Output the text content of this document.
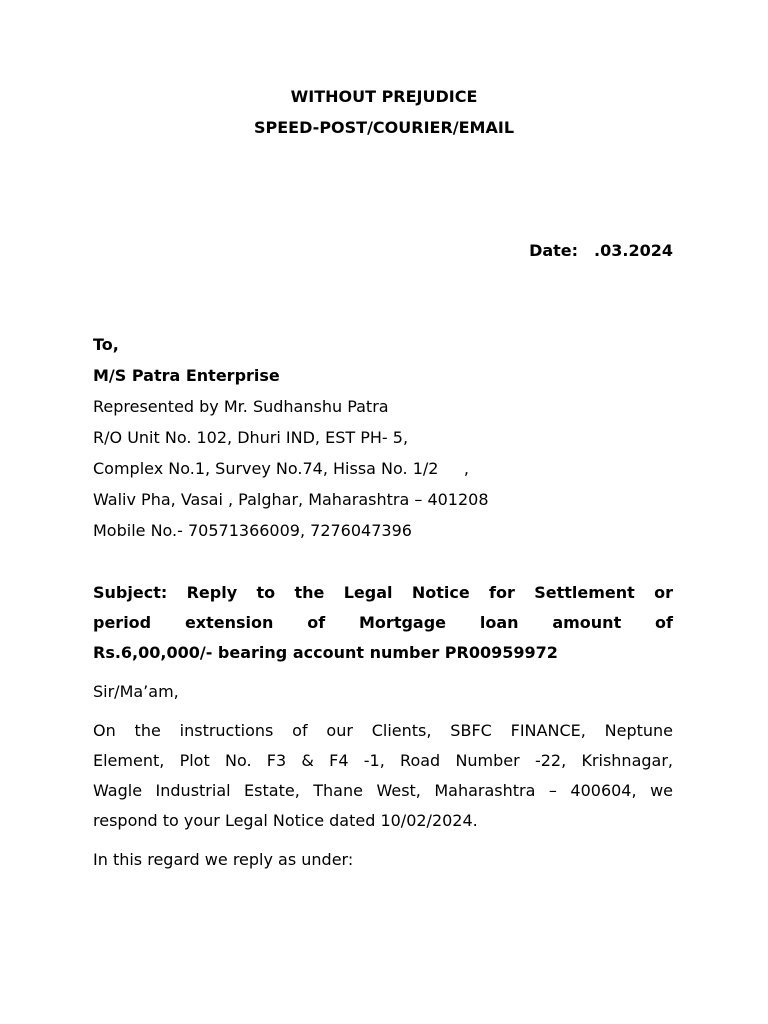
WITHOUT PREJUDICE
SPEED-POST/COURIER/EMAIL
Date: .03.2024
To,
M/S Patra Enterprise
Represented by Mr. Sudhanshu Patra
R/O Unit No. 102, Dhuri IND, EST PH- 5,
Complex No.1, Survey No.74, Hissa No. 1/2     ,
Waliv Pha, Vasai , Palghar, Maharashtra – 401208
Mobile No.- 70571366009, 7276047396
Subject: Reply to the Legal Notice for Settlement or
period extension of Mortgage loan amount of
Rs.6,00,000/- bearing account number PR00959972
Sir/Ma’am,
On the instructions of our Clients, SBFC FINANCE, Neptune
Element, Plot No. F3 & F4 -1, Road Number -22, Krishnagar,
Wagle Industrial Estate, Thane West, Maharashtra – 400604, we
respond to your Legal Notice dated 10/02/2024.
In this regard we reply as under:
